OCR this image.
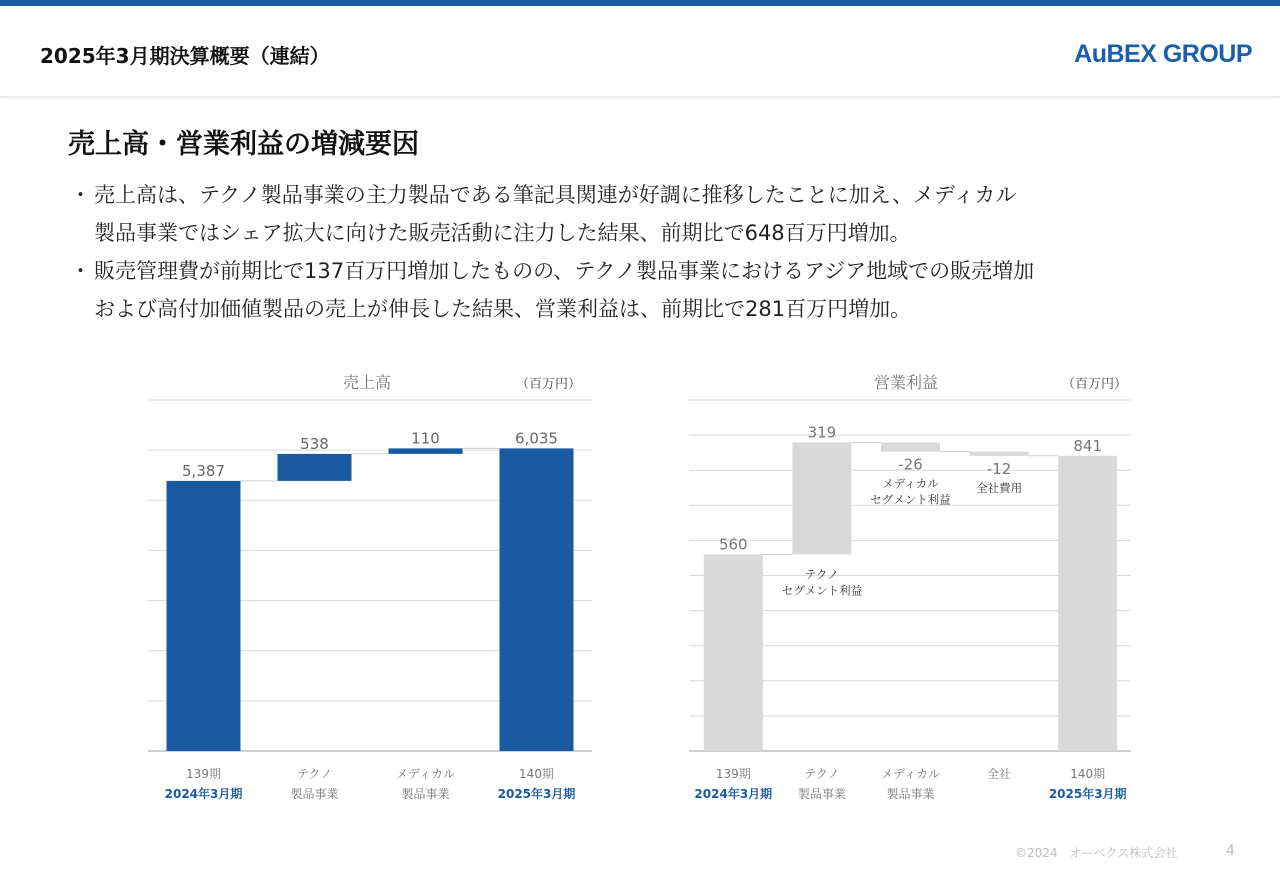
2025年3月期決算概要（連結）	AuBEX GROUP
売上高・営業利益の増減要因
・ 売上高は、テクノ製品事業の主力製品である筆記具関連が好調に推移したことに加え、メディカル
製品事業ではシェア拡大に向けた販売活動に注力した結果、前期比で648百万円増加。
・ 販売管理費が前期比で137百万円増加したものの、テクノ製品事業におけるアジア地域での販売増加
および高付加価値製品の売上が伸長した結果、営業利益は、前期比で281百万円増加。
売上高	（百万円）	営業利益	（百万円）
5,387
538	110	6,035
139期
2024年3月期
テクノ
製品事業
メディカル
製品事業
140期
2025年3月期
560
319
-26	-12
841
テクノ
セグメント利益
メディカル
セグメント利益
全社費用
139期
2024年3月期
テクノ
製品事業
メディカル
製品事業
全社	140期
2025年3月期
©2024　オーベクス株式会社	4
